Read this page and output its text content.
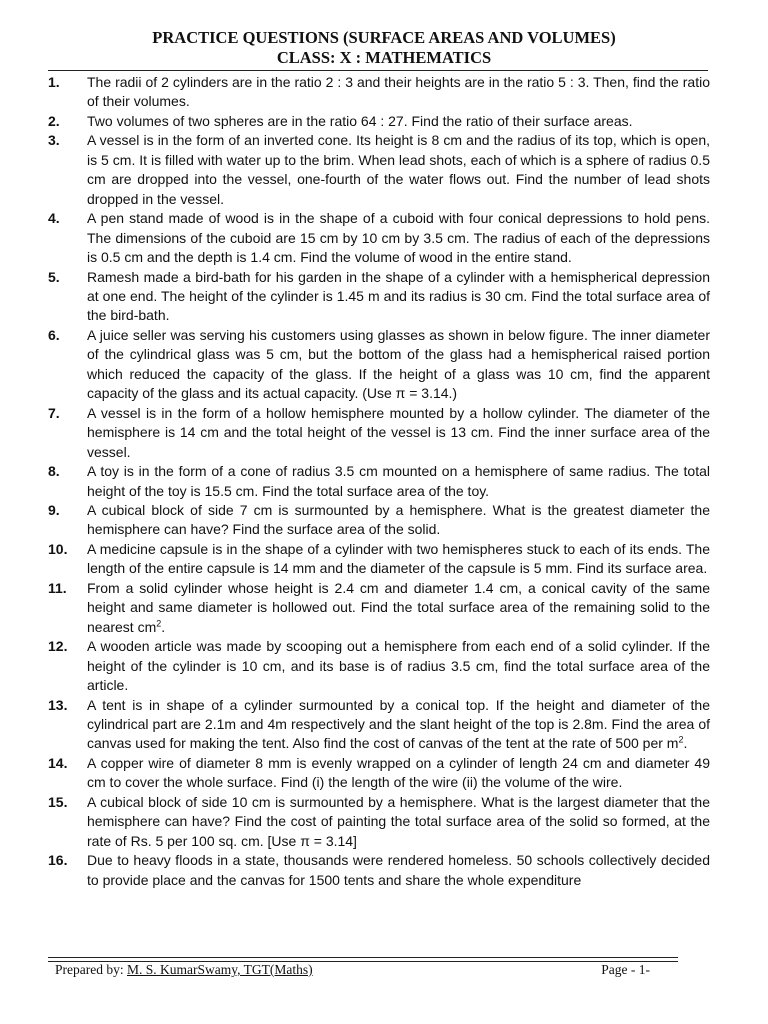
PRACTICE QUESTIONS (SURFACE AREAS AND VOLUMES)
CLASS: X : MATHEMATICS
1.	The radii of 2 cylinders are in the ratio 2 : 3 and their heights are in the ratio 5 : 3. Then, find the ratio of their volumes.
2.	Two volumes of two spheres are in the ratio 64 : 27. Find the ratio of their surface areas.
3.	A vessel is in the form of an inverted cone. Its height is 8 cm and the radius of its top, which is open, is 5 cm. It is filled with water up to the brim. When lead shots, each of which is a sphere of radius 0.5 cm are dropped into the vessel, one-fourth of the water flows out. Find the number of lead shots dropped in the vessel.
4.	A pen stand made of wood is in the shape of a cuboid with four conical depressions to hold pens. The dimensions of the cuboid are 15 cm by 10 cm by 3.5 cm. The radius of each of the depressions is 0.5 cm and the depth is 1.4 cm. Find the volume of wood in the entire stand.
5.	Ramesh made a bird-bath for his garden in the shape of a cylinder with a hemispherical depression at one end. The height of the cylinder is 1.45 m and its radius is 30 cm. Find the total surface area of the bird-bath.
6.	A juice seller was serving his customers using glasses as shown in below figure. The inner diameter of the cylindrical glass was 5 cm, but the bottom of the glass had a hemispherical raised portion which reduced the capacity of the glass. If the height of a glass was 10 cm, find the apparent capacity of the glass and its actual capacity. (Use π = 3.14.)
7.	A vessel is in the form of a hollow hemisphere mounted by a hollow cylinder. The diameter of the hemisphere is 14 cm and the total height of the vessel is 13 cm. Find the inner surface area of the vessel.
8.	A toy is in the form of a cone of radius 3.5 cm mounted on a hemisphere of same radius. The total height of the toy is 15.5 cm. Find the total surface area of the toy.
9.	A cubical block of side 7 cm is surmounted by a hemisphere. What is the greatest diameter the hemisphere can have? Find the surface area of the solid.
10.	A medicine capsule is in the shape of a cylinder with two hemispheres stuck to each of its ends. The length of the entire capsule is 14 mm and the diameter of the capsule is 5 mm. Find its surface area.
11.	From a solid cylinder whose height is 2.4 cm and diameter 1.4 cm, a conical cavity of the same height and same diameter is hollowed out. Find the total surface area of the remaining solid to the nearest $cm^2$.
12.	A wooden article was made by scooping out a hemisphere from each end of a solid cylinder. If the height of the cylinder is 10 cm, and its base is of radius 3.5 cm, find the total surface area of the article.
13.	A tent is in shape of a cylinder surmounted by a conical top. If the height and diameter of the cylindrical part are 2.1m and 4m respectively and the slant height of the top is 2.8m. Find the area of canvas used for making the tent. Also find the cost of canvas of the tent at the rate of 500 per $m^2$.
14.	A copper wire of diameter 8 mm is evenly wrapped on a cylinder of length 24 cm and diameter 49 cm to cover the whole surface. Find (i) the length of the wire (ii) the volume of the wire.
15.	A cubical block of side 10 cm is surmounted by a hemisphere. What is the largest diameter that the hemisphere can have? Find the cost of painting the total surface area of the solid so formed, at the rate of Rs. 5 per 100 sq. cm. [Use π = 3.14]
16.	Due to heavy floods in a state, thousands were rendered homeless. 50 schools collectively decided to provide place and the canvas for 1500 tents and share the whole expenditure
Prepared by: M. S. KumarSwamy, TGT(Maths)	Page - 1-
